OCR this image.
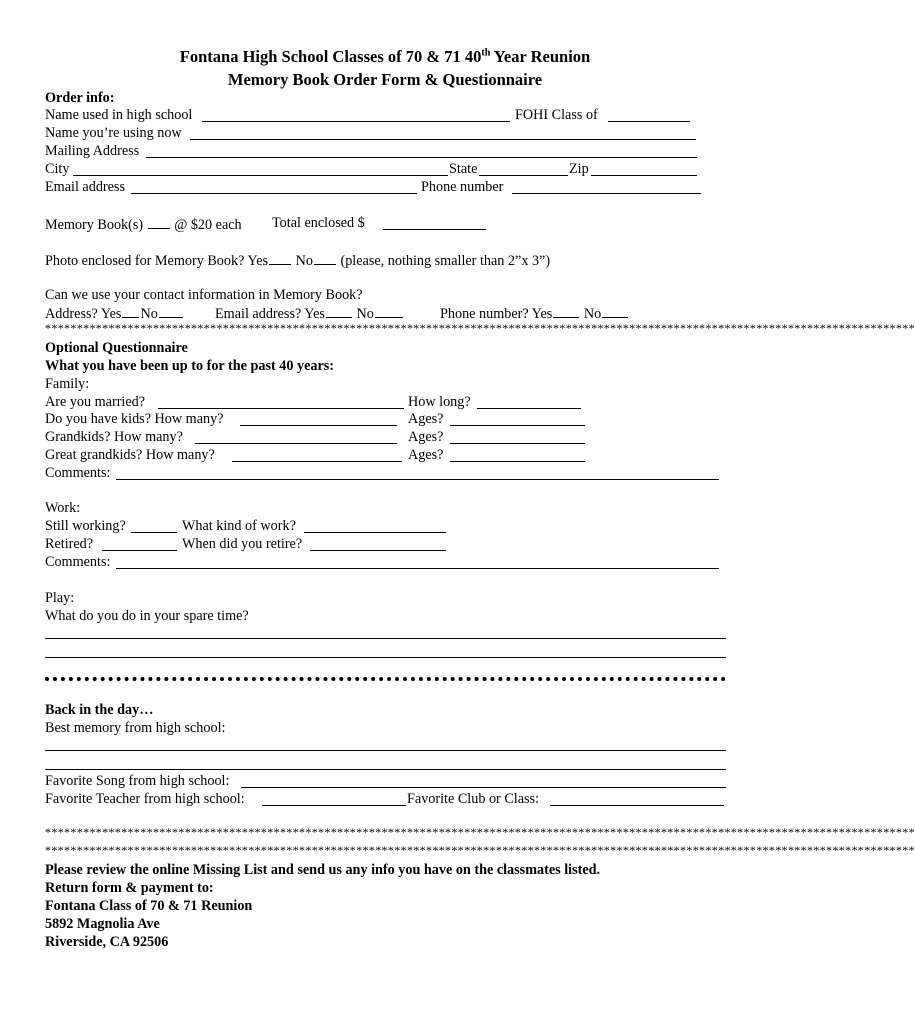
Fontana High School Classes of 70 & 71 40th Year Reunion
Memory Book Order Form & Questionnaire
Order info:
Name used in high school	FOHI Class of
Name you’re using now
Mailing Address
City	State	Zip
Email address	Phone number
Memory Book(s) @ $20 each Total enclosed $
Photo enclosed for Memory Book? Yes No (please, nothing smaller than 2”x 3”)
Can we use your contact information in Memory Book?
Address? Yes No	Email address? Yes No	Phone number? Yes No
*****************************************************************************************************************************************
Optional Questionnaire
What you have been up to for the past 40 years:
Family:
Are you married?	How long?
Do you have kids? How many?	Ages?
Grandkids? How many?	Ages?
Great grandkids? How many?	Ages?
Comments:
Work:
Still working?	What kind of work?
Retired?	When did you retire?
Comments:
Play:
What do you do in your spare time?
Back in the day…
Best memory from high school:
Favorite Song from high school:
Favorite Teacher from high school:	Favorite Club or Class:
*****************************************************************************************************************************************
*****************************************************************************************************************************************
Please review the online Missing List and send us any info you have on the classmates listed.
Return form & payment to:
Fontana Class of 70 & 71 Reunion
5892 Magnolia Ave
Riverside, CA 92506
